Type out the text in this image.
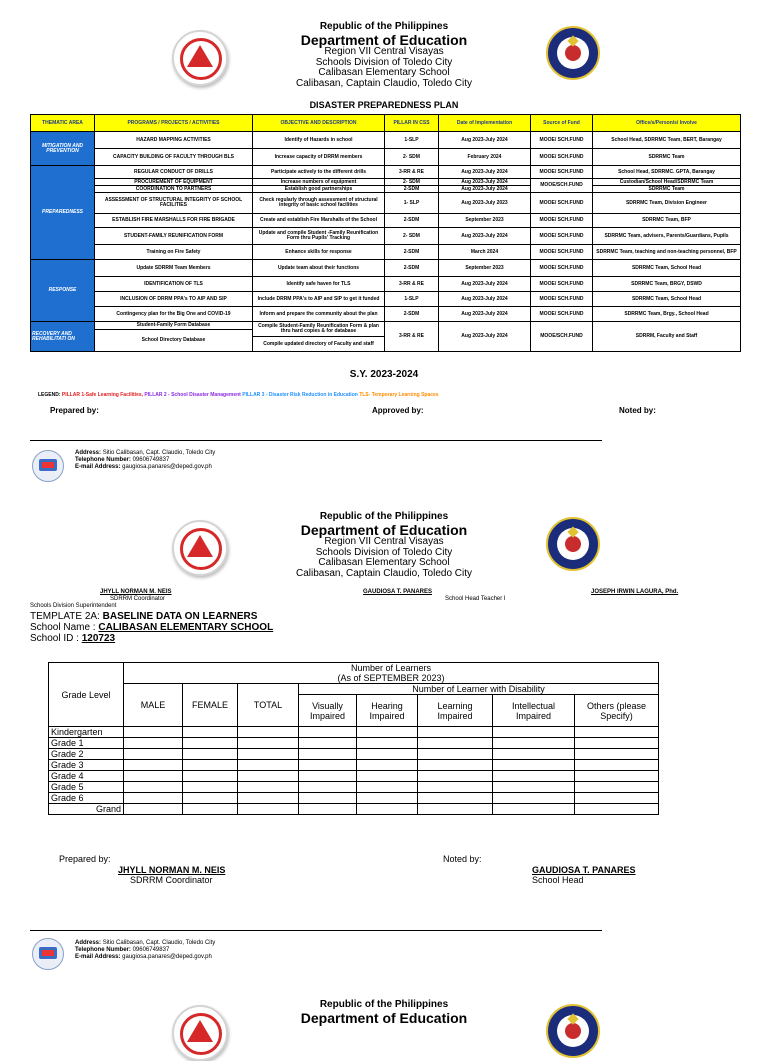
Republic of the Philippines
Department of Education
Region VII Central Visayas
Schools Division of Toledo City
Calibasan Elementary School
Calibasan, Captain Claudio, Toledo City
DISASTER PREPAREDNESS PLAN
THEMATIC AREA	PROGRAMS / PROJECTS / ACTIVITIES	OBJECTIVE AND DESCRIPTION	PILLAR IN CSS	Date of Implementation	Source of Fund	Office/s/Person/s/ Involve
MITIGATION AND PREVENTION	HAZARD MAPPING ACTIVITIES	Identify of Hazards in school	1-SLP	Aug 2023-July 2024	MOOE/ SCH.FUND	School Head, SDRRMC Team, BERT, Barangay
	CAPACITY BUILDING OF FACULTY THROUGH BLS	Increase capacity of DRRM members	2- SDM	February 2024	MOOE/ SCH.FUND	SDRRMC Team
PREPAREDNESS	REGULAR CONDUCT OF DRILLS	Participate actively to the different drills	3-RR & RE	Aug 2023-July 2024	MOOE/ SCH.FUND	School Head, SDRRMC. GPTA, Barangay
	PROCUREMENT OF EQUIPMENT	Increase numbers of equipment	2- SDM	Aug 2023-July 2024	MOOE/SCH.FUND	Custodian/School Head/SDRRMC Team
	COORDINATION TO PARTNERS	Establish good partnerships	2-SDM	Aug 2023-July 2024		SDRRMC Team
	ASSESSMENT OF STRUCTURAL INTEGRITY OF SCHOOL FACILITIES	Check regularly through assessment of structural integrity of basic school facilities	1- SLP	Aug 2023-July 2023	MOOE/ SCH.FUND	SDRRMC Team, Division Engineer
	ESTABLISH FIRE MARSHALLS FOR FIRE BRIGADE	Create and establish Fire Marshalls of the School	2-SDM	September 2023	MOOE/ SCH.FUND	SDRRMC Team, BFP
	STUDENT-FAMILY REUNIFICATION FORM	Update and compile Student -Family Reunification Form thru Pupils' Tracking	2- SDM	Aug 2023-July 2024	MOOE/ SCH.FUND	SDRRMC Team, advisers, Parents/Guardians, Pupils
	Training on Fire Safety	Enhance skills for response	2-SDM	March 2024	MOOE/ SCH.FUND	SDRRMC Team, teaching and non-teaching personnel, BFP
RESPONSE	Update SDRRM Team Members	Update team about their functions	2-SDM	September 2023	MOOE/ SCH.FUND	SDRRMC Team, School Head
	IDENTIFICATION OF TLS	Identify safe haven for TLS	3-RR & RE	Aug 2023-July 2024	MOOE/ SCH.FUND	SDRRMC Team, BRGY, DSWD
	INCLUSION OF DRRM PPA's TO AIP AND SIP	Include DRRM PPA's to AIP and SIP to get it funded	1-SLP	Aug 2023-July 2024	MOOE/ SCH.FUND	SDRRMC Team, School Head
	Contingency plan for the Big One and COVID-19	Inform and prepare the community about the plan	2-SDM	Aug 2023-July 2024	MOOE/ SCH.FUND	SDRRMC Team, Brgy., School Head
RECOVERY AND REHABILITATI ON	Student-Family Form Database	Compile Student-Family Reunification Form & plan thru hard copies & for database	3-RR & RE	Aug 2023-July 2024	MOOE/SCH.FUND	SDRRM, Faculty and Staff
	School Directory Database					
		Compile updated directory of Faculty and staff				
S.Y. 2023-2024
LEGEND: PILLAR 1-Safe Learning Facilities, PILLAR 2 - School Disaster Management PILLAR 3 - Disaster Risk Reduction in Education TLS- Temporary Learning Spaces
Prepared by:	Approved by:	Noted by:
Address: Sitio Calibasan, Capt. Claudio, Toledo City
Telephone Number: 09606749837
E-mail Address: gaugiosa.panares@deped.gov.ph
Republic of the Philippines
Department of Education
Region VII Central Visayas
Schools Division of Toledo City
Calibasan Elementary School
Calibasan, Captain Claudio, Toledo City
JHYLL NORMAN M. NEIS
SDRRM Coordinator
GAUDIOSA T. PANARES
School Head Teacher I
JOSEPH IRWIN LAGURA, Phd.
Schools Division Superintendent
TEMPLATE 2A: BASELINE DATA ON LEARNERS
School Name : CALIBASAN ELEMENTARY SCHOOL
School ID : 120723
Grade Level	Number of Learners
(As of SEPTEMBER 2023)							

	MALE	FEMALE	TOTAL	Number of Learner with Disability				
				Visually Impaired	Hearing Impaired	Learning Impaired	Intellectual Impaired	Others (please Specify)
Kindergarten								
Grade 1								
Grade 2								
Grade 3								
Grade 4								
Grade 5								
Grade 6								
Grand								
Prepared by:
JHYLL NORMAN M. NEIS
SDRRM Coordinator
Noted by:
GAUDIOSA T. PANARES
School Head
Address: Sitio Calibasan, Capt. Claudio, Toledo City
Telephone Number: 09606749837
E-mail Address: gaugiosa.panares@deped.gov.ph
Republic of the Philippines
Department of Education
